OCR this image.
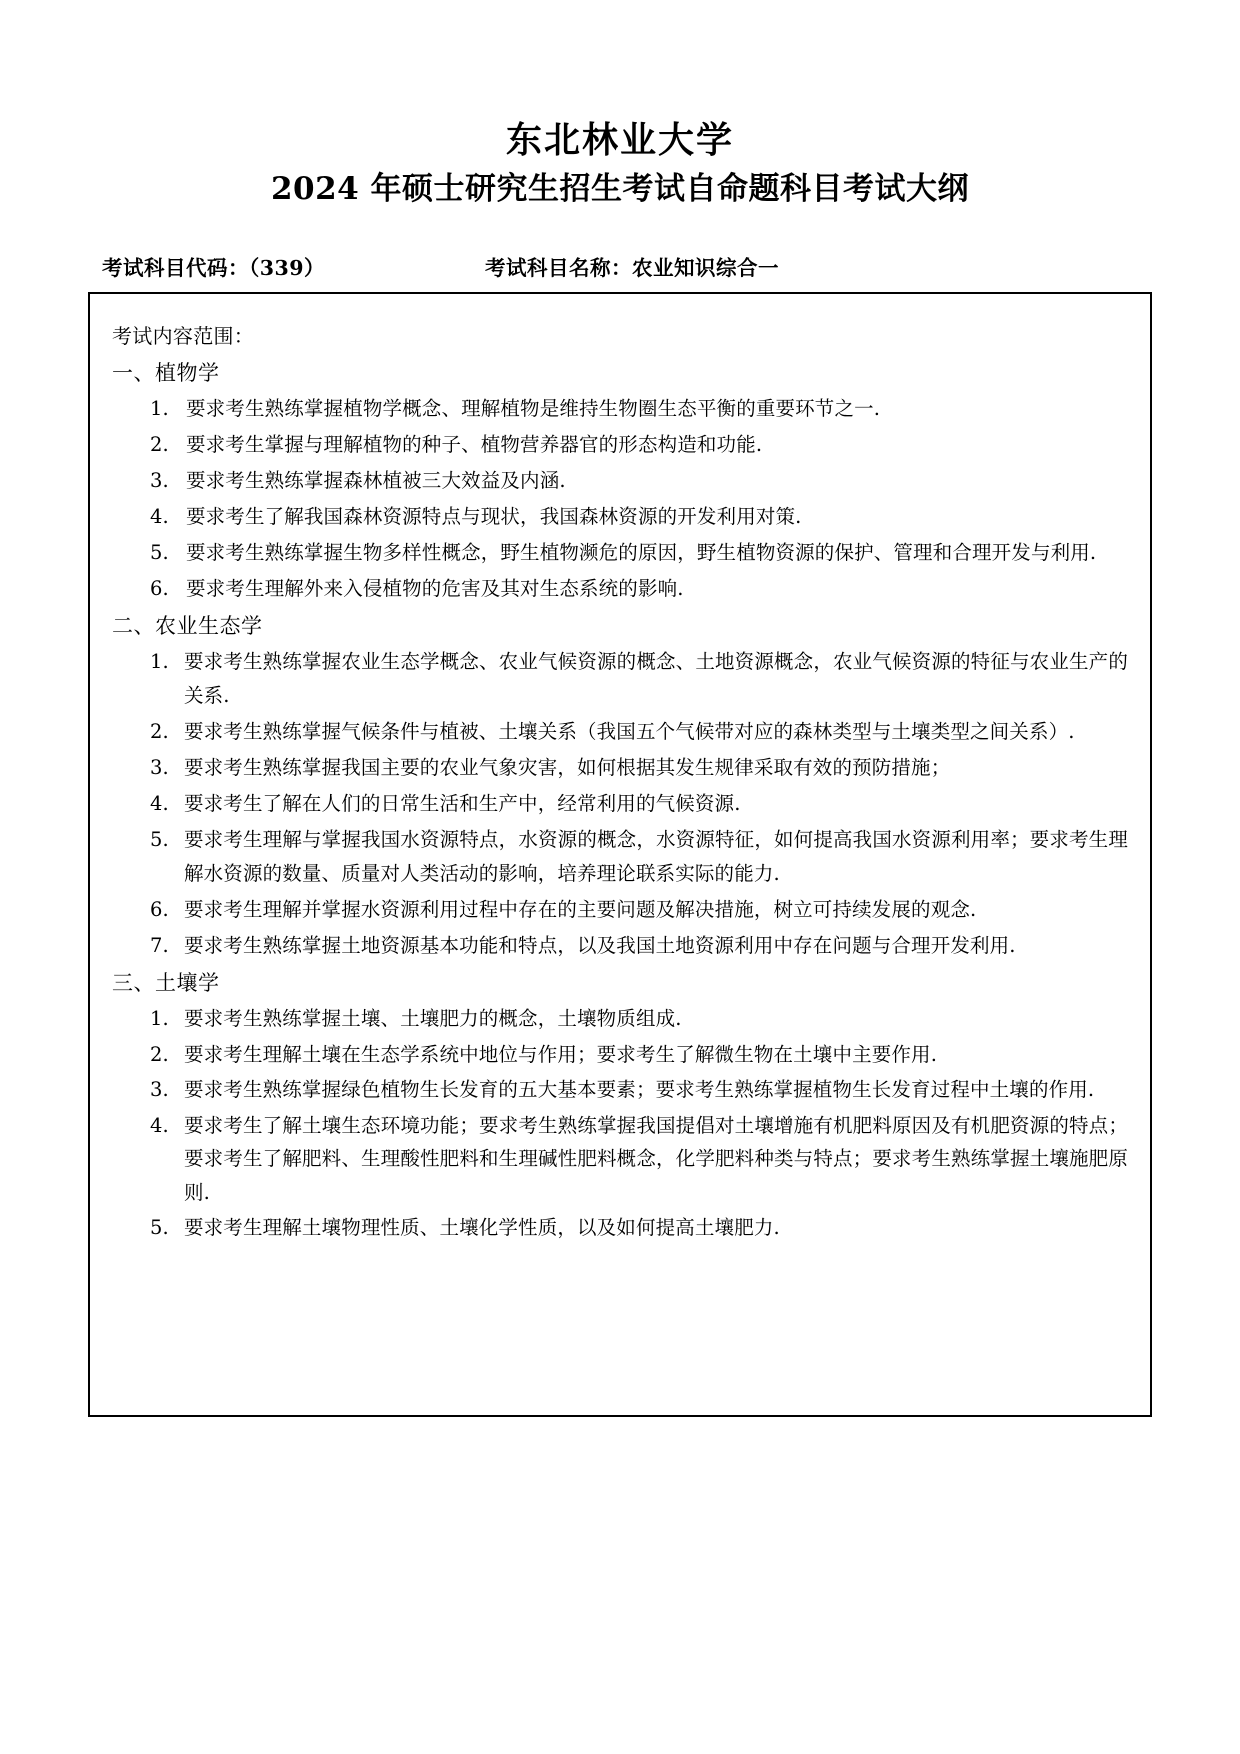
东北林业大学
2024 年硕士研究生招生考试自命题科目考试大纲
考试科目代码：（339）	考试科目名称：农业知识综合一

考试内容范围：

一、植物学
1. 要求考生熟练掌握植物学概念、理解植物是维持生物圈生态平衡的重要环节之一.
2. 要求考生掌握与理解植物的种子、植物营养器官的形态构造和功能.
3. 要求考生熟练掌握森林植被三大效益及内涵.
4. 要求考生了解我国森林资源特点与现状，我国森林资源的开发利用对策.
5. 要求考生熟练掌握生物多样性概念，野生植物濒危的原因，野生植物资源的保护、管理和合理开发与利用.
6. 要求考生理解外来入侵植物的危害及其对生态系统的影响.
二、农业生态学
1. 要求考生熟练掌握农业生态学概念、农业气候资源的概念、土地资源概念，农业气候资源的特征与农业生产的关系.
2. 要求考生熟练掌握气候条件与植被、土壤关系（我国五个气候带对应的森林类型与土壤类型之间关系）.
3. 要求考生熟练掌握我国主要的农业气象灾害，如何根据其发生规律采取有效的预防措施；
4. 要求考生了解在人们的日常生活和生产中，经常利用的气候资源.
5. 要求考生理解与掌握我国水资源特点，水资源的概念，水资源特征，如何提高我国水资源利用率；要求考生理解水资源的数量、质量对人类活动的影响，培养理论联系实际的能力.
6. 要求考生理解并掌握水资源利用过程中存在的主要问题及解决措施，树立可持续发展的观念.
7. 要求考生熟练掌握土地资源基本功能和特点，以及我国土地资源利用中存在问题与合理开发利用.
三、土壤学
1. 要求考生熟练掌握土壤、土壤肥力的概念，土壤物质组成.
2. 要求考生理解土壤在生态学系统中地位与作用；要求考生了解微生物在土壤中主要作用.
3. 要求考生熟练掌握绿色植物生长发育的五大基本要素；要求考生熟练掌握植物生长发育过程中土壤的作用.
4. 要求考生了解土壤生态环境功能；要求考生熟练掌握我国提倡对土壤增施有机肥料原因及有机肥资源的特点；要求考生了解肥料、生理酸性肥料和生理碱性肥料概念，化学肥料种类与特点；要求考生熟练掌握土壤施肥原则.
5. 要求考生理解土壤物理性质、土壤化学性质，以及如何提高土壤肥力.
